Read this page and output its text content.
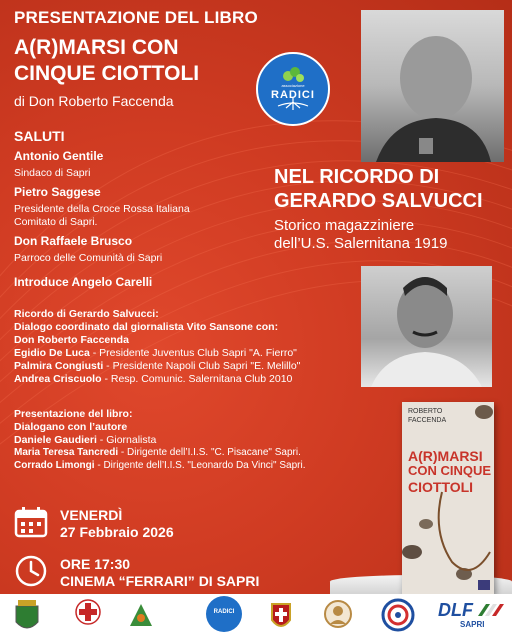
PRESENTAZIONE DEL LIBRO
A(R)MARSI CON
CINQUE CIOTTOLI
di Don Roberto Faccenda
associazione
RADICI
SALUTI
Antonio Gentile
Sindaco di Sapri
Pietro Saggese
Presidente della Croce Rossa Italiana
Comitato di Sapri.
Don Raffaele Brusco
Parroco delle Comunità di Sapri
NEL RICORDO DI
GERARDO SALVUCCI
Storico magazziniere
dell’U.S. Salernitana 1919
Introduce Angelo Carelli
Ricordo di Gerardo Salvucci:
Dialogo coordinato dal giornalista Vito Sansone con:
Don Roberto Faccenda
Egidio De Luca - Presidente Juventus Club Sapri "A. Fierro"
Palmira Congiusti - Presidente Napoli Club Sapri "E. Melillo"
Andrea Criscuolo - Resp. Comunic. Salernitana Club 2010
Presentazione del libro:
Dialogano con l’autore
Daniele Gaudieri - Giornalista
Maria Teresa Tancredi - Dirigente dell’I.I.S. "C. Pisacane" Sapri.
Corrado Limongi - Dirigente dell’I.I.S. "Leonardo Da Vinci" Sapri.
VENERDÌ
27 Febbraio 2026
ORE 17:30
CINEMA “FERRARI” DI SAPRI
ROBERTO
FACCENDA
A(R)MARSI
CON CINQUE
CIOTTOLI
RADICI	DLF
SAPRI
